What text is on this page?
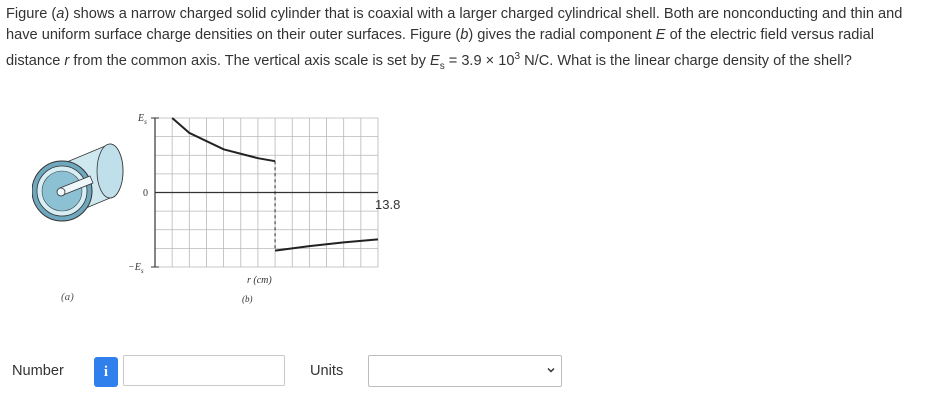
Figure (a) shows a narrow charged solid cylinder that is coaxial with a larger charged cylindrical shell. Both are nonconducting and thin and have uniform surface charge densities on their outer surfaces. Figure (b) gives the radial component E of the electric field versus radial distance r from the common axis. The vertical axis scale is set by $E_s = 3.9 \times 10^3$ N/C. What is the linear charge density of the shell?
(a)
$E_s$
0
$-E_s$
r (cm)
(b)
13.8
Number	i	Units
